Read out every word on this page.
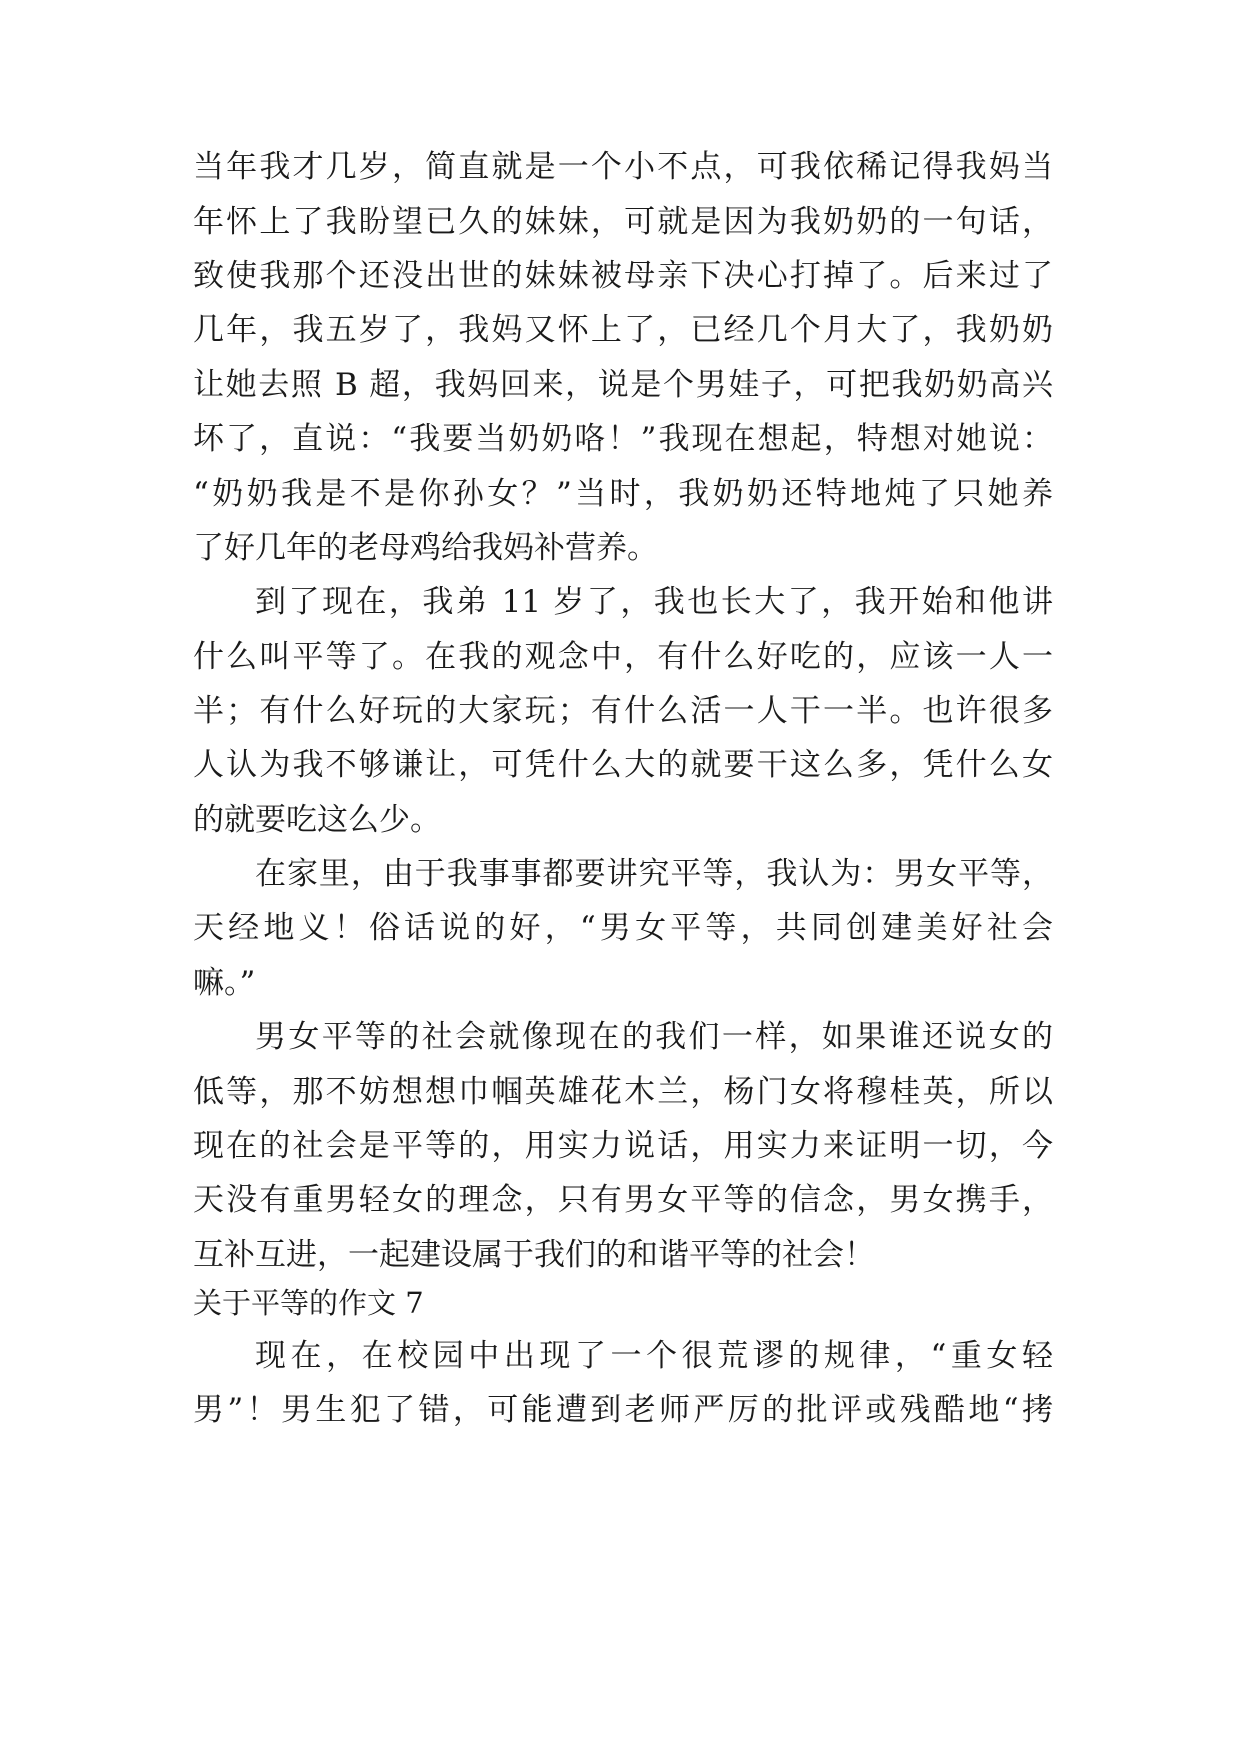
当年我才几岁，简直就是一个小不点，可我依稀记得我妈当
年怀上了我盼望已久的妹妹，可就是因为我奶奶的一句话，
致使我那个还没出世的妹妹被母亲下决心打掉了。后来过了
几年，我五岁了，我妈又怀上了，已经几个月大了，我奶奶
让她去照 B 超，我妈回来，说是个男娃子，可把我奶奶高兴
坏了，直说：“我要当奶奶咯！”我现在想起，特想对她说：
“奶奶我是不是你孙女？”当时，我奶奶还特地炖了只她养
了好几年的老母鸡给我妈补营养。
到了现在，我弟 11 岁了，我也长大了，我开始和他讲
什么叫平等了。在我的观念中，有什么好吃的，应该一人一
半；有什么好玩的大家玩；有什么活一人干一半。也许很多
人认为我不够谦让，可凭什么大的就要干这么多，凭什么女
的就要吃这么少。
在家里，由于我事事都要讲究平等，我认为：男女平等，
天经地义！俗话说的好，“男女平等，共同创建美好社会
嘛。”
男女平等的社会就像现在的我们一样，如果谁还说女的
低等，那不妨想想巾帼英雄花木兰，杨门女将穆桂英，所以
现在的社会是平等的，用实力说话，用实力来证明一切，今
天没有重男轻女的理念，只有男女平等的信念，男女携手，
互补互进，一起建设属于我们的和谐平等的社会！
关于平等的作文 7
现在，在校园中出现了一个很荒谬的规律，“重女轻
男”！男生犯了错，可能遭到老师严厉的批评或残酷地“拷
